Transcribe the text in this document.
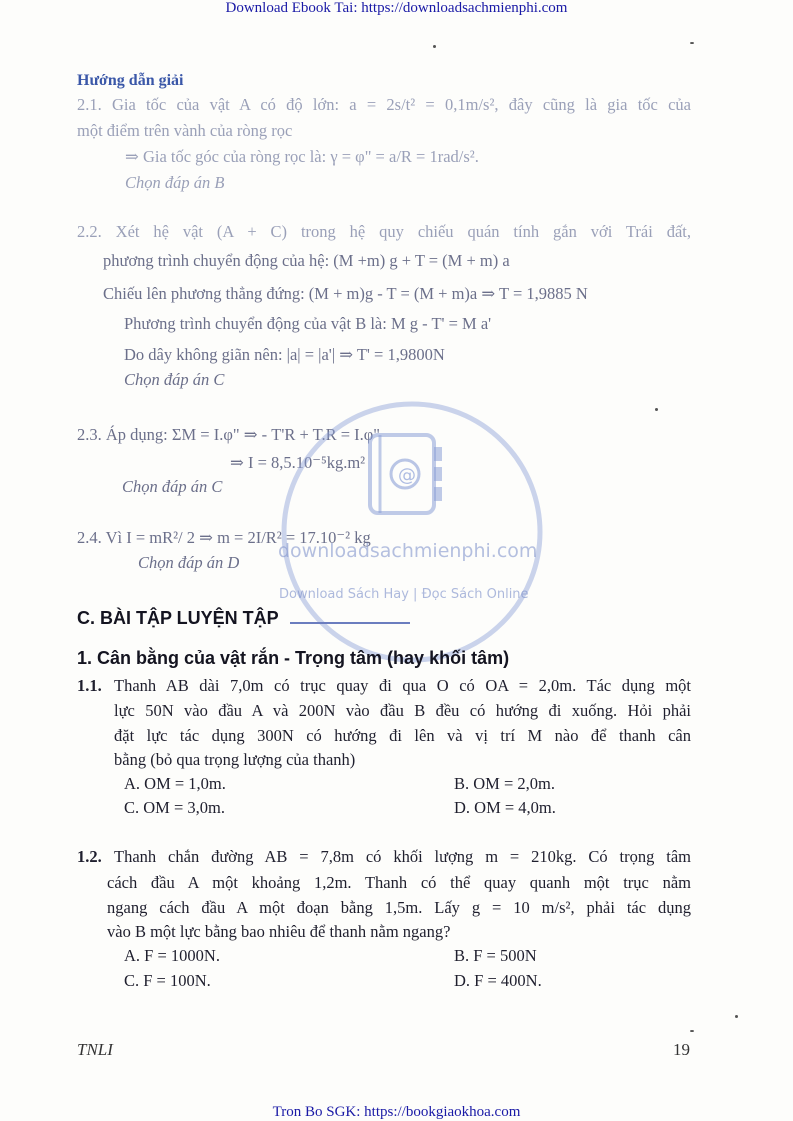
Download Ebook Tai: https://downloadsachmienphi.com
Hướng dẫn giải
2.1. Gia tốc của vật A có độ lớn: a = 2s/t² = 0,1m/s², đây cũng là gia tốc của
một điểm trên vành của ròng rọc
⇒ Gia tốc góc của ròng rọc là: γ = φ" = a/R = 1rad/s².
Chọn đáp án B
2.2. Xét hệ vật (A + C) trong hệ quy chiếu quán tính gắn với Trái đất,
phương trình chuyển động của hệ: (M +m) g + T = (M + m) a
Chiếu lên phương thẳng đứng: (M + m)g - T = (M + m)a ⇒ T = 1,9885 N
Phương trình chuyển động của vật B là: M g - T' = M a'
Do dây không giãn nên: |a| = |a'| ⇒ T' = 1,9800N
Chọn đáp án C
2.3. Áp dụng: ΣM = I.φ" ⇒ - T'R + T.R = I.φ"
⇒ I = 8,5.10⁻⁵kg.m²
Chọn đáp án C
2.4. Vì I = mR²/ 2 ⇒ m = 2I/R² = 17.10⁻² kg
Chọn đáp án D
@
downloadsachmienphi.com
Download Sách Hay | Đọc Sách Online
C. BÀI TẬP LUYỆN TẬP
1. Cân bằng của vật rắn - Trọng tâm (hay khối tâm)
1.1. Thanh AB dài 7,0m có trục quay đi qua O có OA = 2,0m. Tác dụng một
lực 50N vào đầu A và 200N vào đầu B đều có hướng đi xuống. Hỏi phải
đặt lực tác dụng 300N có hướng đi lên và vị trí M nào để thanh cân
bằng (bỏ qua trọng lượng của thanh)
A. OM = 1,0m.	B. OM = 2,0m.
C. OM = 3,0m.	D. OM = 4,0m.
1.2. Thanh chắn đường AB = 7,8m có khối lượng m = 210kg. Có trọng tâm
cách đầu A một khoảng 1,2m. Thanh có thể quay quanh một trục nằm
ngang cách đầu A một đoạn bằng 1,5m. Lấy g = 10 m/s², phải tác dụng
vào B một lực bằng bao nhiêu để thanh nằm ngang?
A. F = 1000N.	B. F = 500N
C. F = 100N.	D. F = 400N.
TNLI	19
Tron Bo SGK: https://bookgiaokhoa.com
